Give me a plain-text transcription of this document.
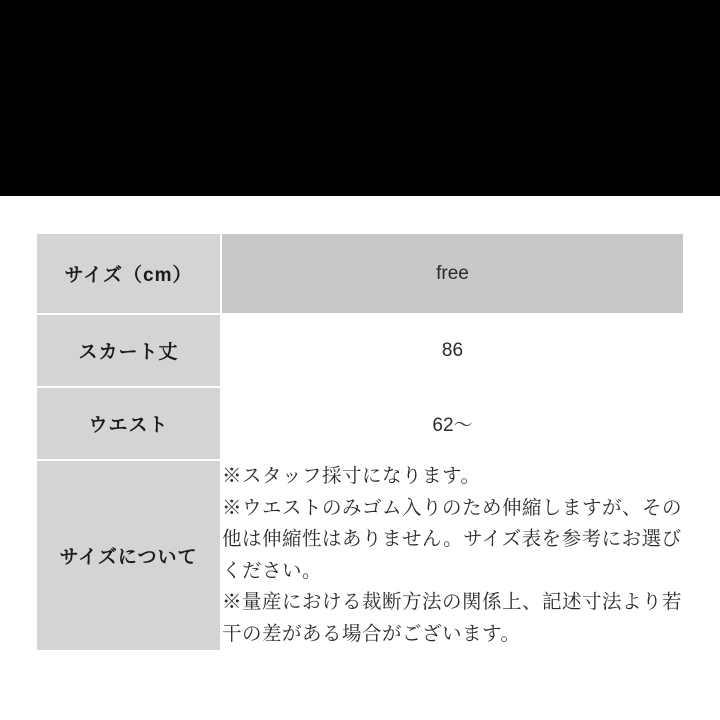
サイズ（cm）	free
スカート丈	86
ウエスト	62〜
サイズについて	※スタッフ採寸になります。
※ウエストのみゴム入りのため伸縮しますが、その他は伸縮性はありません。サイズ表を参考にお選びください。
※量産における裁断方法の関係上、記述寸法より若干の差がある場合がございます。
